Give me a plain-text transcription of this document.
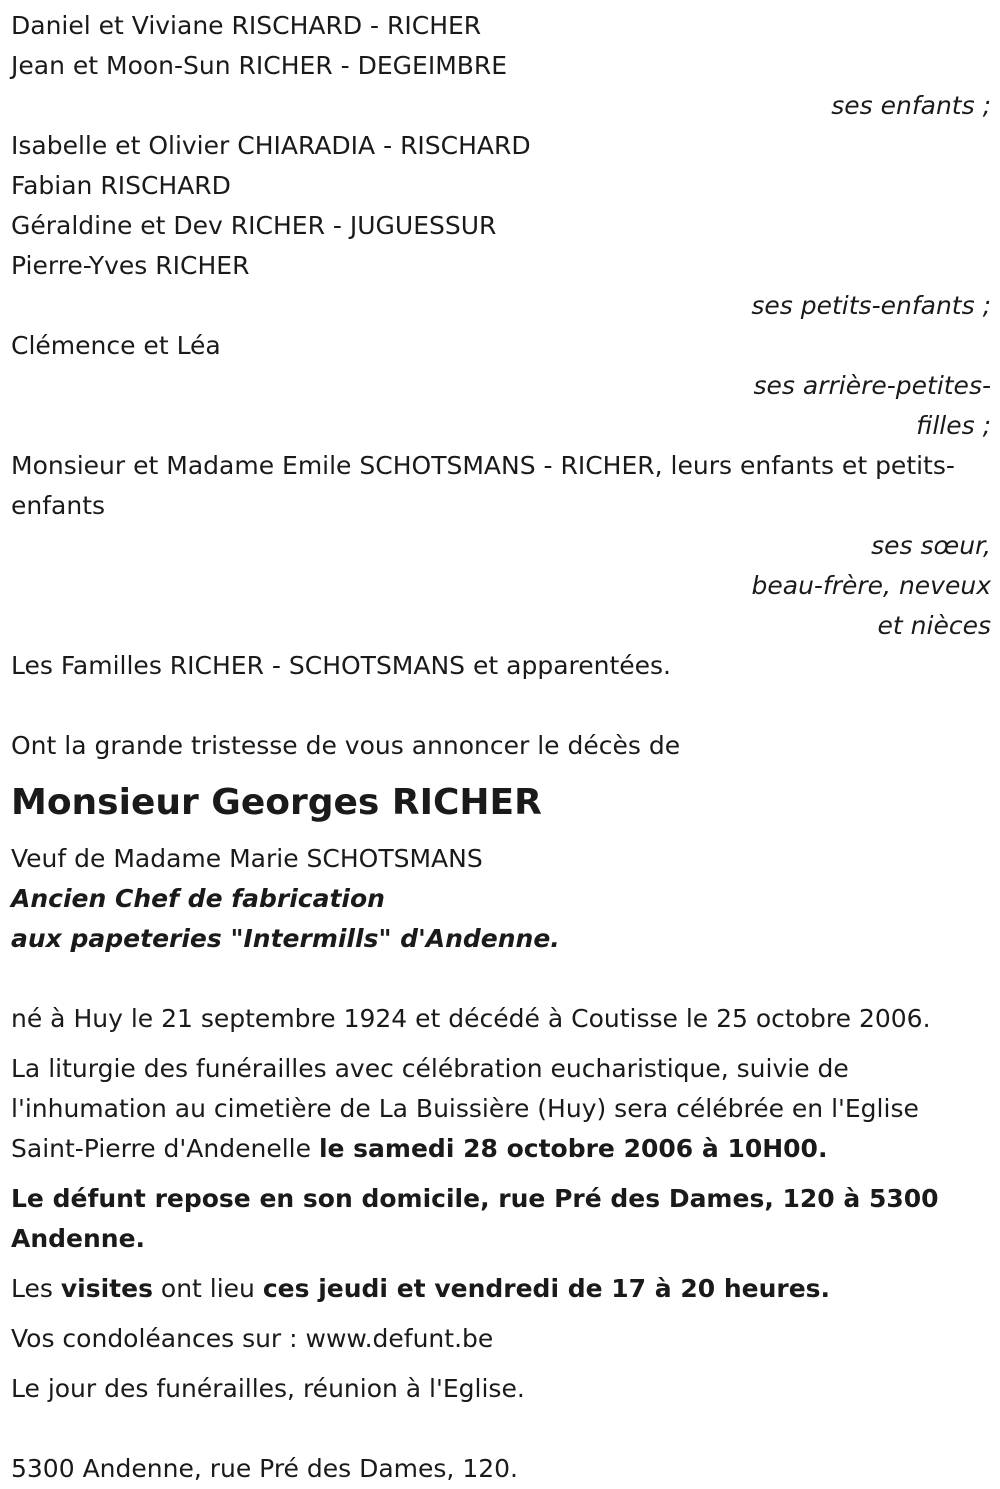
Daniel et Viviane RISCHARD - RICHER
Jean et Moon-Sun RICHER - DEGEIMBRE
ses enfants ;
Isabelle et Olivier CHIARADIA - RISCHARD
Fabian RISCHARD
Géraldine et Dev RICHER - JUGUESSUR
Pierre-Yves RICHER
ses petits-enfants ;
Clémence et Léa
ses arrière-petites-
filles ;
Monsieur et Madame Emile SCHOTSMANS - RICHER, leurs enfants et petits-enfants
ses sœur,
beau-frère, neveux
et nièces
Les Familles RICHER - SCHOTSMANS et apparentées.
Ont la grande tristesse de vous annoncer le décès de
Monsieur Georges RICHER
Veuf de Madame Marie SCHOTSMANS
Ancien Chef de fabrication
aux papeteries "Intermills" d'Andenne.
né à Huy le 21 septembre 1924 et décédé à Coutisse le 25 octobre 2006.
La liturgie des funérailles avec célébration eucharistique, suivie de l'inhumation au cimetière de La Buissière (Huy) sera célébrée en l'Eglise Saint-Pierre d'Andenelle le samedi 28 octobre 2006 à 10H00.
Le défunt repose en son domicile, rue Pré des Dames, 120 à 5300 Andenne.
Les visites ont lieu ces jeudi et vendredi de 17 à 20 heures.
Vos condoléances sur : www.defunt.be
Le jour des funérailles, réunion à l'Eglise.
5300 Andenne, rue Pré des Dames, 120.
